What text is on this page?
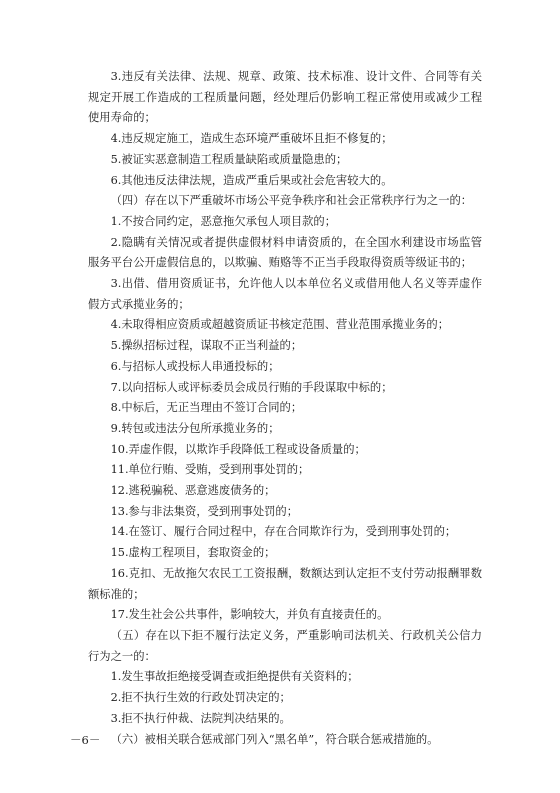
3.违反有关法律、法规、规章、政策、技术标准、设计文件、合同等有关规定开展工作造成的工程质量问题，经处理后仍影响工程正常使用或减少工程使用寿命的；

4.违反规定施工，造成生态环境严重破坏且拒不修复的；

5.被证实恶意制造工程质量缺陷或质量隐患的；

6.其他违反法律法规，造成严重后果或社会危害较大的。

（四）存在以下严重破坏市场公平竞争秩序和社会正常秩序行为之一的：

1.不按合同约定，恶意拖欠承包人项目款的；

2.隐瞒有关情况或者提供虚假材料申请资质的，在全国水利建设市场监管服务平台公开虚假信息的，以欺骗、贿赂等不正当手段取得资质等级证书的；

3.出借、借用资质证书，允许他人以本单位名义或借用他人名义等弄虚作假方式承揽业务的；

4.未取得相应资质或超越资质证书核定范围、营业范围承揽业务的；

5.操纵招标过程，谋取不正当利益的；

6.与招标人或投标人串通投标的；

7.以向招标人或评标委员会成员行贿的手段谋取中标的；

8.中标后，无正当理由不签订合同的；

9.转包或违法分包所承揽业务的；

10.弄虚作假，以欺诈手段降低工程或设备质量的；

11.单位行贿、受贿，受到刑事处罚的；

12.逃税骗税、恶意逃废债务的；

13.参与非法集资，受到刑事处罚的；

14.在签订、履行合同过程中，存在合同欺诈行为，受到刑事处罚的；

15.虚构工程项目，套取资金的；

16.克扣、无故拖欠农民工工资报酬，数额达到认定拒不支付劳动报酬罪数额标准的；

17.发生社会公共事件，影响较大，并负有直接责任的。

（五）存在以下拒不履行法定义务，严重影响司法机关、行政机关公信力行为之一的：

1.发生事故拒绝接受调查或拒绝提供有关资料的；

2.拒不执行生效的行政处罚决定的；

3.拒不执行仲裁、法院判决结果的。

（六）被相关联合惩戒部门列入“黑名单”，符合联合惩戒措施的。

－6－
